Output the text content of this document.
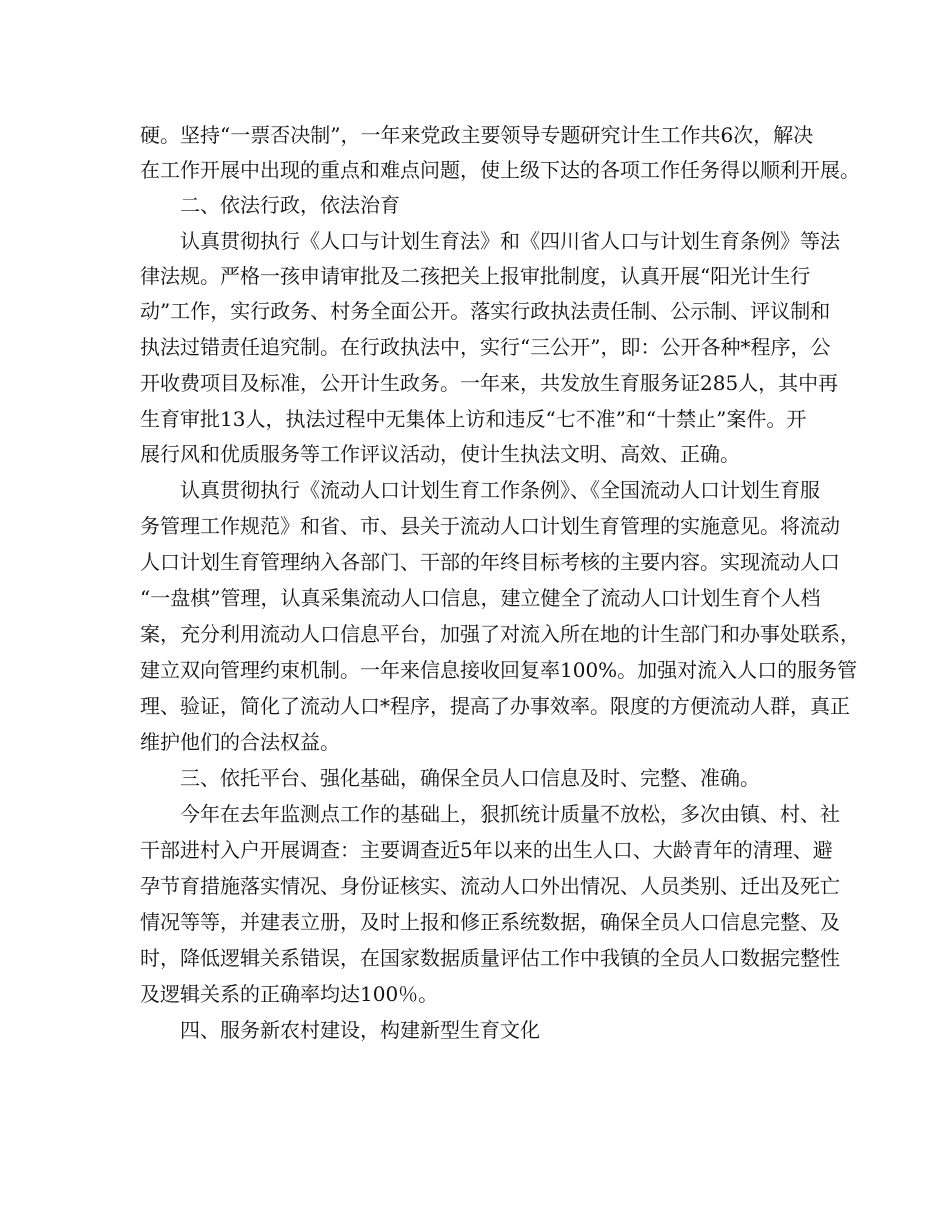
硬。坚持“一票否决制”，一年来党政主要领导专题研究计生工作共6次，解决
在工作开展中出现的重点和难点问题，使上级下达的各项工作任务得以顺利开展。
二、依法行政，依法治育
认真贯彻执行《人口与计划生育法》和《四川省人口与计划生育条例》等法
律法规。严格一孩申请审批及二孩把关上报审批制度，认真开展“阳光计生行
动”工作，实行政务、村务全面公开。落实行政执法责任制、公示制、评议制和
执法过错责任追究制。在行政执法中，实行“三公开”，即：公开各种*程序，公
开收费项目及标准，公开计生政务。一年来，共发放生育服务证285人，其中再
生育审批13人，执法过程中无集体上访和违反“七不准”和“十禁止”案件。开
展行风和优质服务等工作评议活动，使计生执法文明、高效、正确。
认真贯彻执行《流动人口计划生育工作条例》、《全国流动人口计划生育服
务管理工作规范》和省、市、县关于流动人口计划生育管理的实施意见。将流动
人口计划生育管理纳入各部门、干部的年终目标考核的主要内容。实现流动人口
“一盘棋”管理，认真采集流动人口信息，建立健全了流动人口计划生育个人档
案，充分利用流动人口信息平台，加强了对流入所在地的计生部门和办事处联系，
建立双向管理约束机制。一年来信息接收回复率100%。加强对流入人口的服务管
理、验证，简化了流动人口*程序，提高了办事效率。限度的方便流动人群，真正
维护他们的合法权益。
三、依托平台、强化基础，确保全员人口信息及时、完整、准确。
今年在去年监测点工作的基础上，狠抓统计质量不放松，多次由镇、村、社
干部进村入户开展调查：主要调查近5年以来的出生人口、大龄青年的清理、避
孕节育措施落实情况、身份证核实、流动人口外出情况、人员类别、迁出及死亡
情况等等，并建表立册，及时上报和修正系统数据，确保全员人口信息完整、及
时，降低逻辑关系错误，在国家数据质量评估工作中我镇的全员人口数据完整性
及逻辑关系的正确率均达100％。
四、服务新农村建设，构建新型生育文化
